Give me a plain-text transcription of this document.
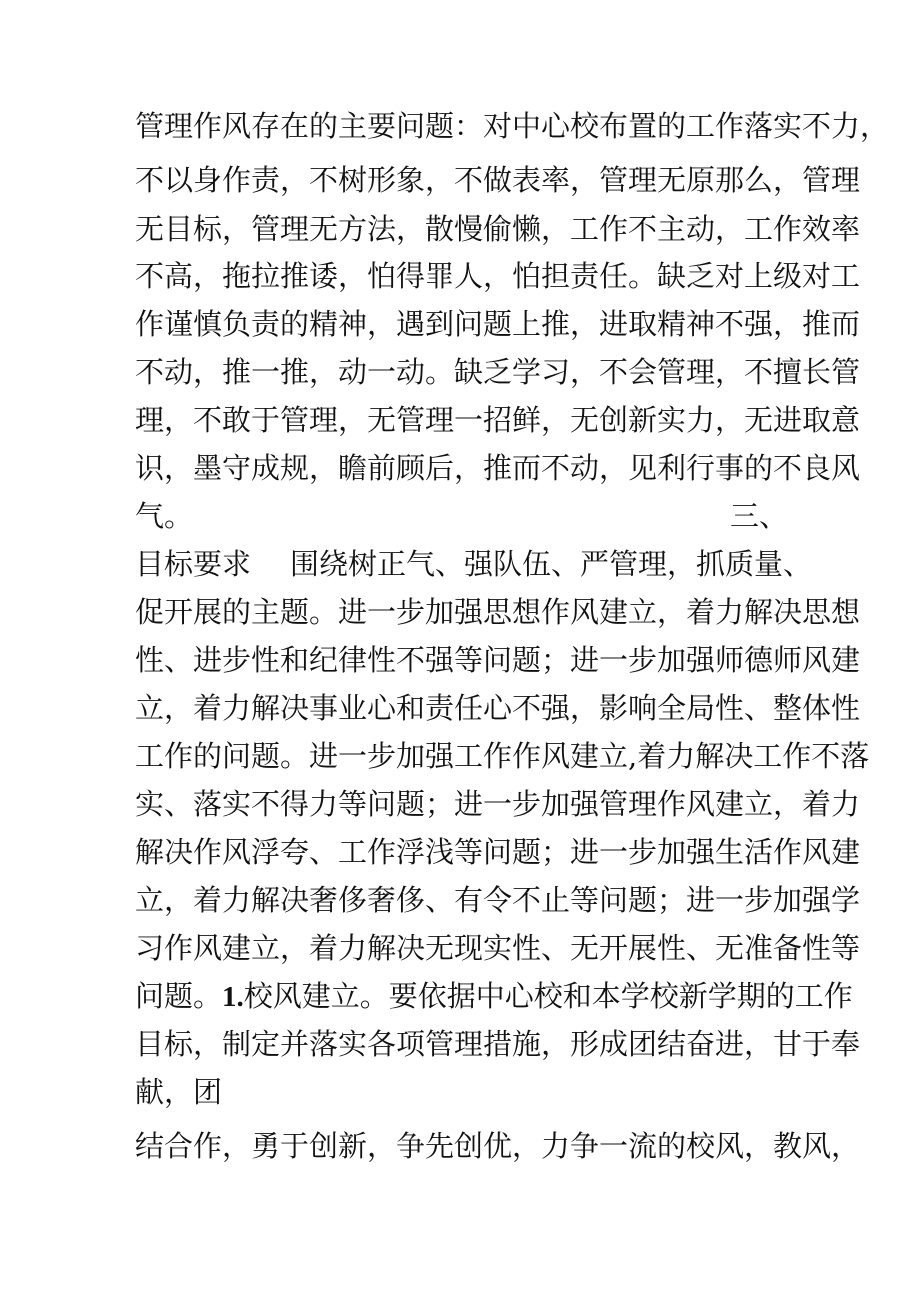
管理作风存在的主要问题：对中心校布置的工作落实不力，
不以身作责，不树形象，不做表率，管理无原那么，管理
无目标，管理无方法，散慢偷懒，工作不主动，工作效率
不高，拖拉推诿，怕得罪人，怕担责任。缺乏对上级对工
作谨慎负责的精神，遇到问题上推，进取精神不强，推而
不动，推一推，动一动。缺乏学习，不会管理，不擅长管
理，不敢于管理，无管理一招鲜，无创新实力，无进取意
识，墨守成规，瞻前顾后，推而不动，见利行事的不良风
气。	三、
目标要求 围绕树正气、强队伍、严管理，抓质量、
促开展的主题。进一步加强思想作风建立，着力解决思想
性、进步性和纪律性不强等问题；进一步加强师德师风建
立，着力解决事业心和责任心不强，影响全局性、整体性
工作的问题。进一步加强工作作风建立,着力解决工作不落
实、落实不得力等问题；进一步加强管理作风建立，着力
解决作风浮夸、工作浮浅等问题；进一步加强生活作风建
立，着力解决奢侈奢侈、有令不止等问题；进一步加强学
习作风建立，着力解决无现实性、无开展性、无准备性等
问题。1.校风建立。要依据中心校和本学校新学期的工作
目标，制定并落实各项管理措施，形成团结奋进，甘于奉
献，团
结合作，勇于创新，争先创优，力争一流的校风，教风，
